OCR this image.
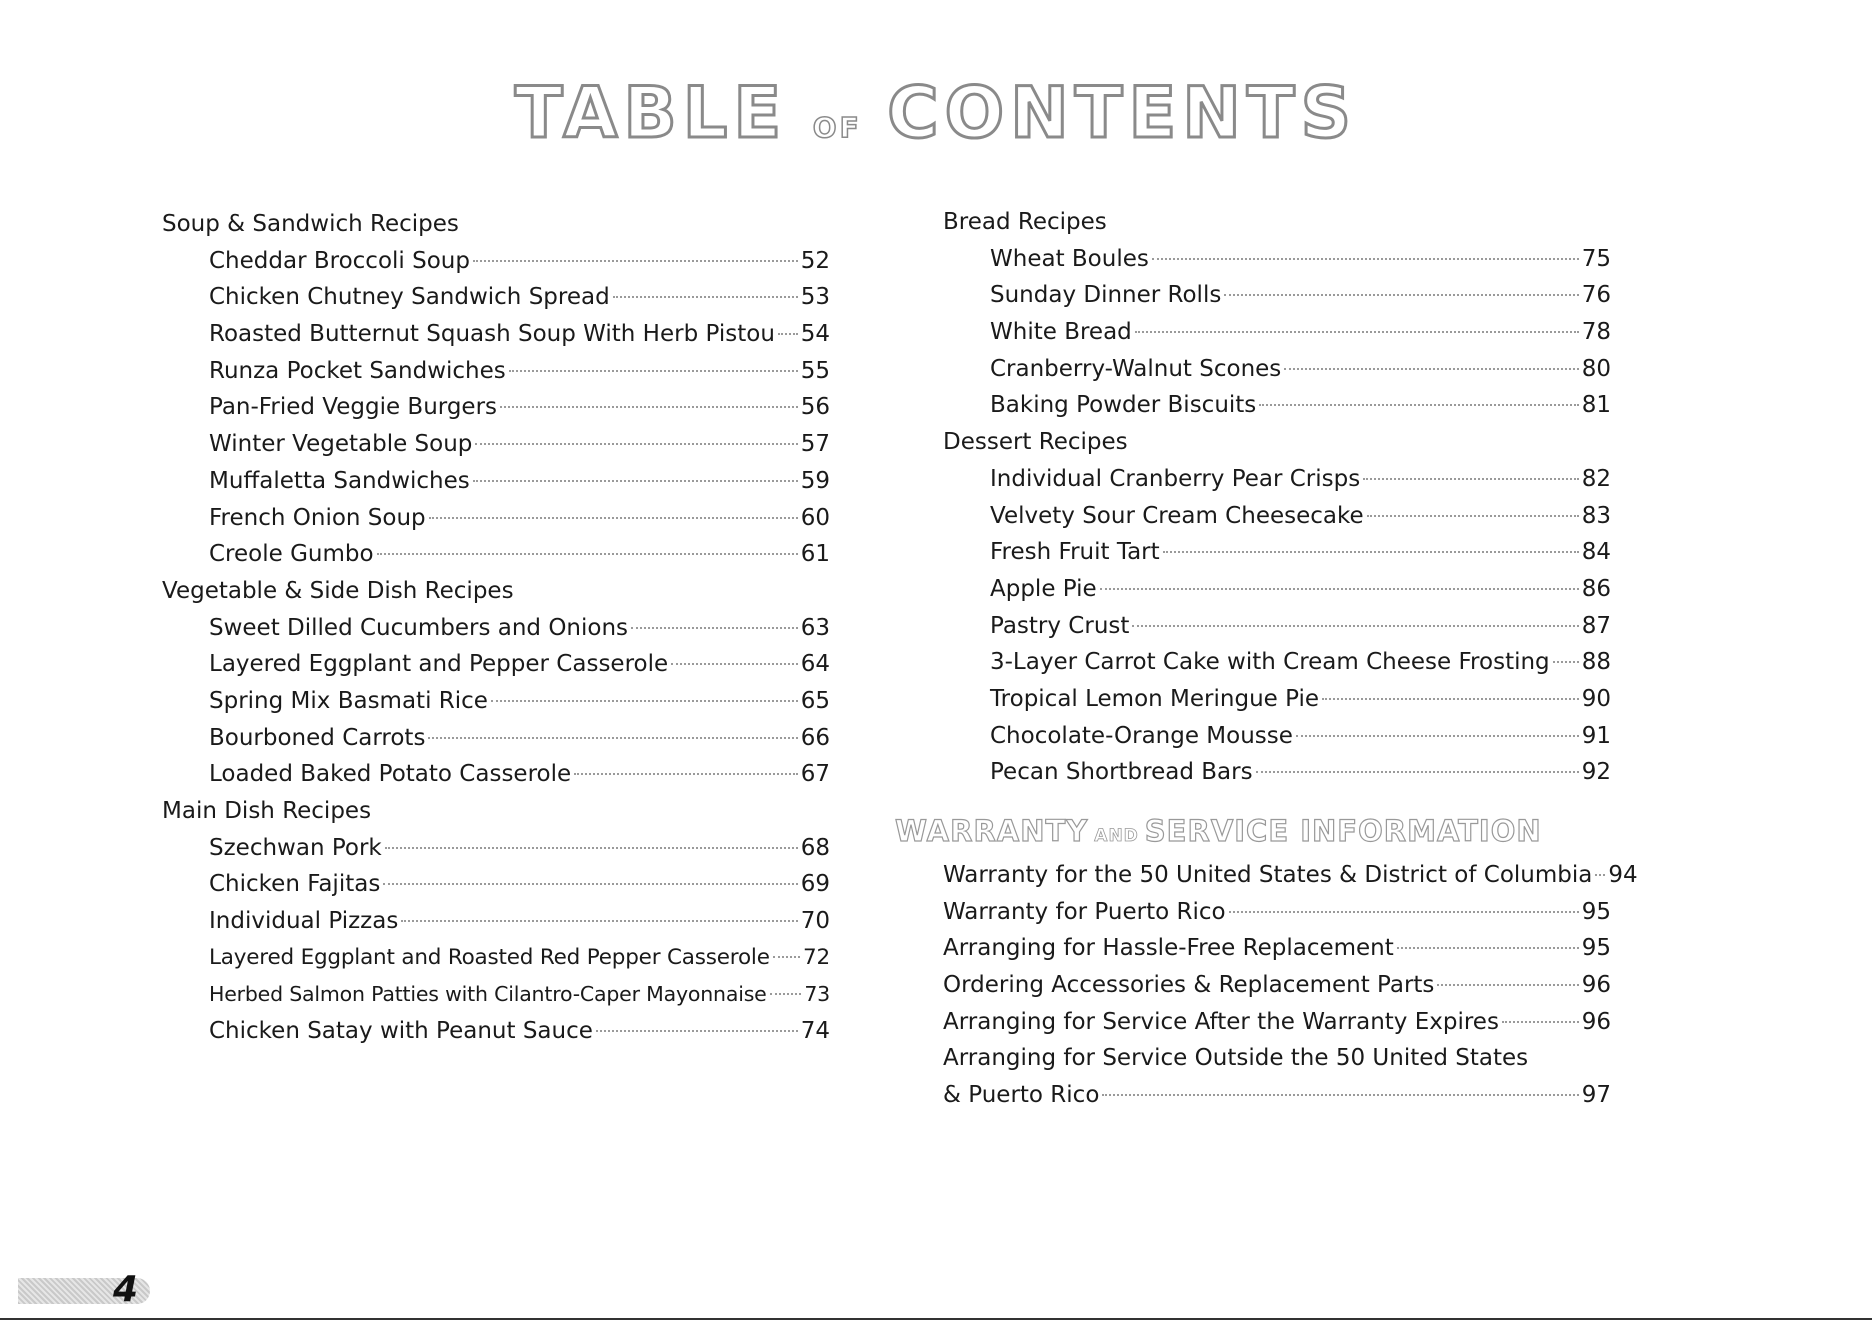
TABLE OF CONTENTS
Soup & Sandwich Recipes
Cheddar Broccoli Soup	52
Chicken Chutney Sandwich Spread	53
Roasted Butternut Squash Soup With Herb Pistou 54
Runza Pocket Sandwiches	55
Pan-Fried Veggie Burgers	56
Winter Vegetable Soup	57
Muffaletta Sandwiches	59
French Onion Soup	60
Creole Gumbo	61
Vegetable & Side Dish Recipes
Sweet Dilled Cucumbers and Onions	63
Layered Eggplant and Pepper Casserole	64
Spring Mix Basmati Rice	65
Bourboned Carrots	66
Loaded Baked Potato Casserole	67
Main Dish Recipes
Szechwan Pork	68
Chicken Fajitas	69
Individual Pizzas	70
Layered Eggplant and Roasted Red Pepper Casserole 72
Herbed Salmon Patties with Cilantro-Caper Mayonnaise 73
Chicken Satay with Peanut Sauce	74
Bread Recipes
Wheat Boules	75
Sunday Dinner Rolls	76
White Bread	78
Cranberry-Walnut Scones	80
Baking Powder Biscuits	81
Dessert Recipes
Individual Cranberry Pear Crisps	82
Velvety Sour Cream Cheesecake	83
Fresh Fruit Tart	84
Apple Pie	86
Pastry Crust	87
3-Layer Carrot Cake with Cream Cheese Frosting 88
Tropical Lemon Meringue Pie	90
Chocolate-Orange Mousse	91
Pecan Shortbread Bars	92
WARRANTY AND SERVICE INFORMATION
Warranty for the 50 United States & District of Columbia 94
Warranty for Puerto Rico	95
Arranging for Hassle-Free Replacement	95
Ordering Accessories & Replacement Parts	96
Arranging for Service After the Warranty Expires	96
Arranging for Service Outside the 50 United States
& Puerto Rico	97
4
